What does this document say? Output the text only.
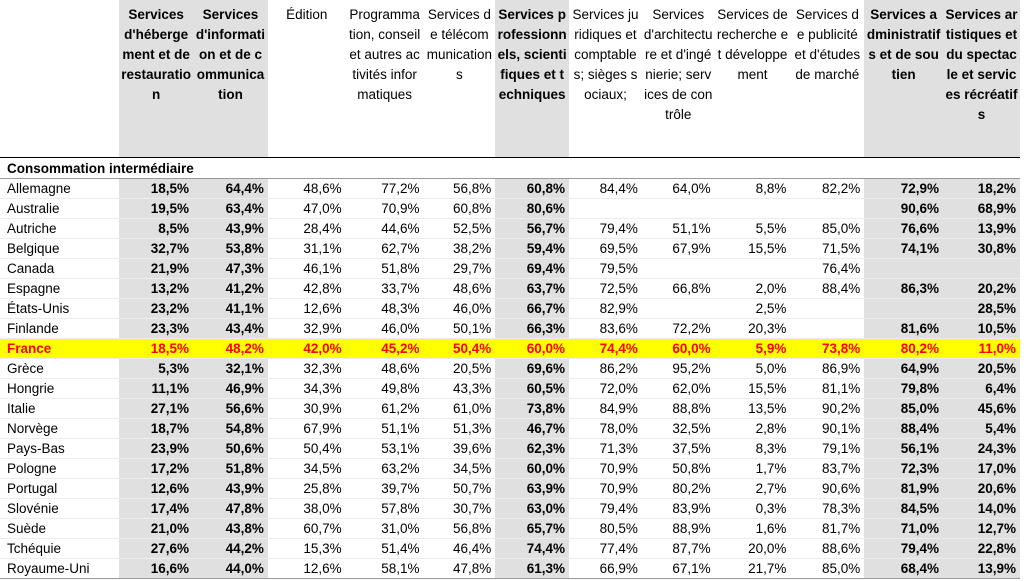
	Services d'hébergement et de restauration	Services d'information et de communication	Édition	Programmation, conseil et autres activités informatiques	Services de télécommunications	Services professionnels, scientifiques et techniques	Services juridiques et comptables; sièges sociaux;	Services d'architecture et d'ingénierie; services de contrôle	Services de recherche et développement	Services de publicité et d'études de marché	Services administratifs et de soutien	Services artistiques et du spectacle et services récréatifs
Consommation intermédiaire												
Allemagne	18,5%	64,4%	48,6%	77,2%	56,8%	60,8%	84,4%	64,0%	8,8%	82,2%	72,9%	18,2%
Australie	19,5%	63,4%	47,0%	70,9%	60,8%	80,6%					90,6%	68,9%
Autriche	8,5%	43,9%	28,4%	44,6%	52,5%	56,7%	79,4%	51,1%	5,5%	85,0%	76,6%	13,9%
Belgique	32,7%	53,8%	31,1%	62,7%	38,2%	59,4%	69,5%	67,9%	15,5%	71,5%	74,1%	30,8%
Canada	21,9%	47,3%	46,1%	51,8%	29,7%	69,4%	79,5%			76,4%		
Espagne	13,2%	41,2%	42,8%	33,7%	48,6%	63,7%	72,5%	66,8%	2,0%	88,4%	86,3%	20,2%
États-Unis	23,2%	41,1%	12,6%	48,3%	46,0%	66,7%	82,9%		2,5%			28,5%
Finlande	23,3%	43,4%	32,9%	46,0%	50,1%	66,3%	83,6%	72,2%	20,3%		81,6%	10,5%
France	18,5%	48,2%	42,0%	45,2%	50,4%	60,0%	74,4%	60,0%	5,9%	73,8%	80,2%	11,0%
Grèce	5,3%	32,1%	32,3%	48,6%	20,5%	69,6%	86,2%	95,2%	5,0%	86,9%	64,9%	20,5%
Hongrie	11,1%	46,9%	34,3%	49,8%	43,3%	60,5%	72,0%	62,0%	15,5%	81,1%	79,8%	6,4%
Italie	27,1%	56,6%	30,9%	61,2%	61,0%	73,8%	84,9%	88,8%	13,5%	90,2%	85,0%	45,6%
Norvège	18,7%	54,8%	67,9%	51,1%	51,3%	46,7%	78,0%	32,5%	2,8%	90,1%	88,4%	5,4%
Pays-Bas	23,9%	50,6%	50,4%	53,1%	39,6%	62,3%	71,3%	37,5%	8,3%	79,1%	56,1%	24,3%
Pologne	17,2%	51,8%	34,5%	63,2%	34,5%	60,0%	70,9%	50,8%	1,7%	83,7%	72,3%	17,0%
Portugal	12,6%	43,9%	25,8%	39,7%	50,7%	63,9%	70,9%	80,2%	2,7%	90,6%	81,9%	20,6%
Slovénie	17,4%	47,8%	38,0%	57,8%	30,7%	63,0%	79,4%	83,9%	0,3%	78,3%	84,5%	14,0%
Suède	21,0%	43,8%	60,7%	31,0%	56,8%	65,7%	80,5%	88,9%	1,6%	81,7%	71,0%	12,7%
Tchéquie	27,6%	44,2%	15,3%	51,4%	46,4%	74,4%	77,4%	87,7%	20,0%	88,6%	79,4%	22,8%
Royaume-Uni	16,6%	44,0%	12,6%	58,1%	47,8%	61,3%	66,9%	67,1%	21,7%	85,0%	68,4%	13,9%
